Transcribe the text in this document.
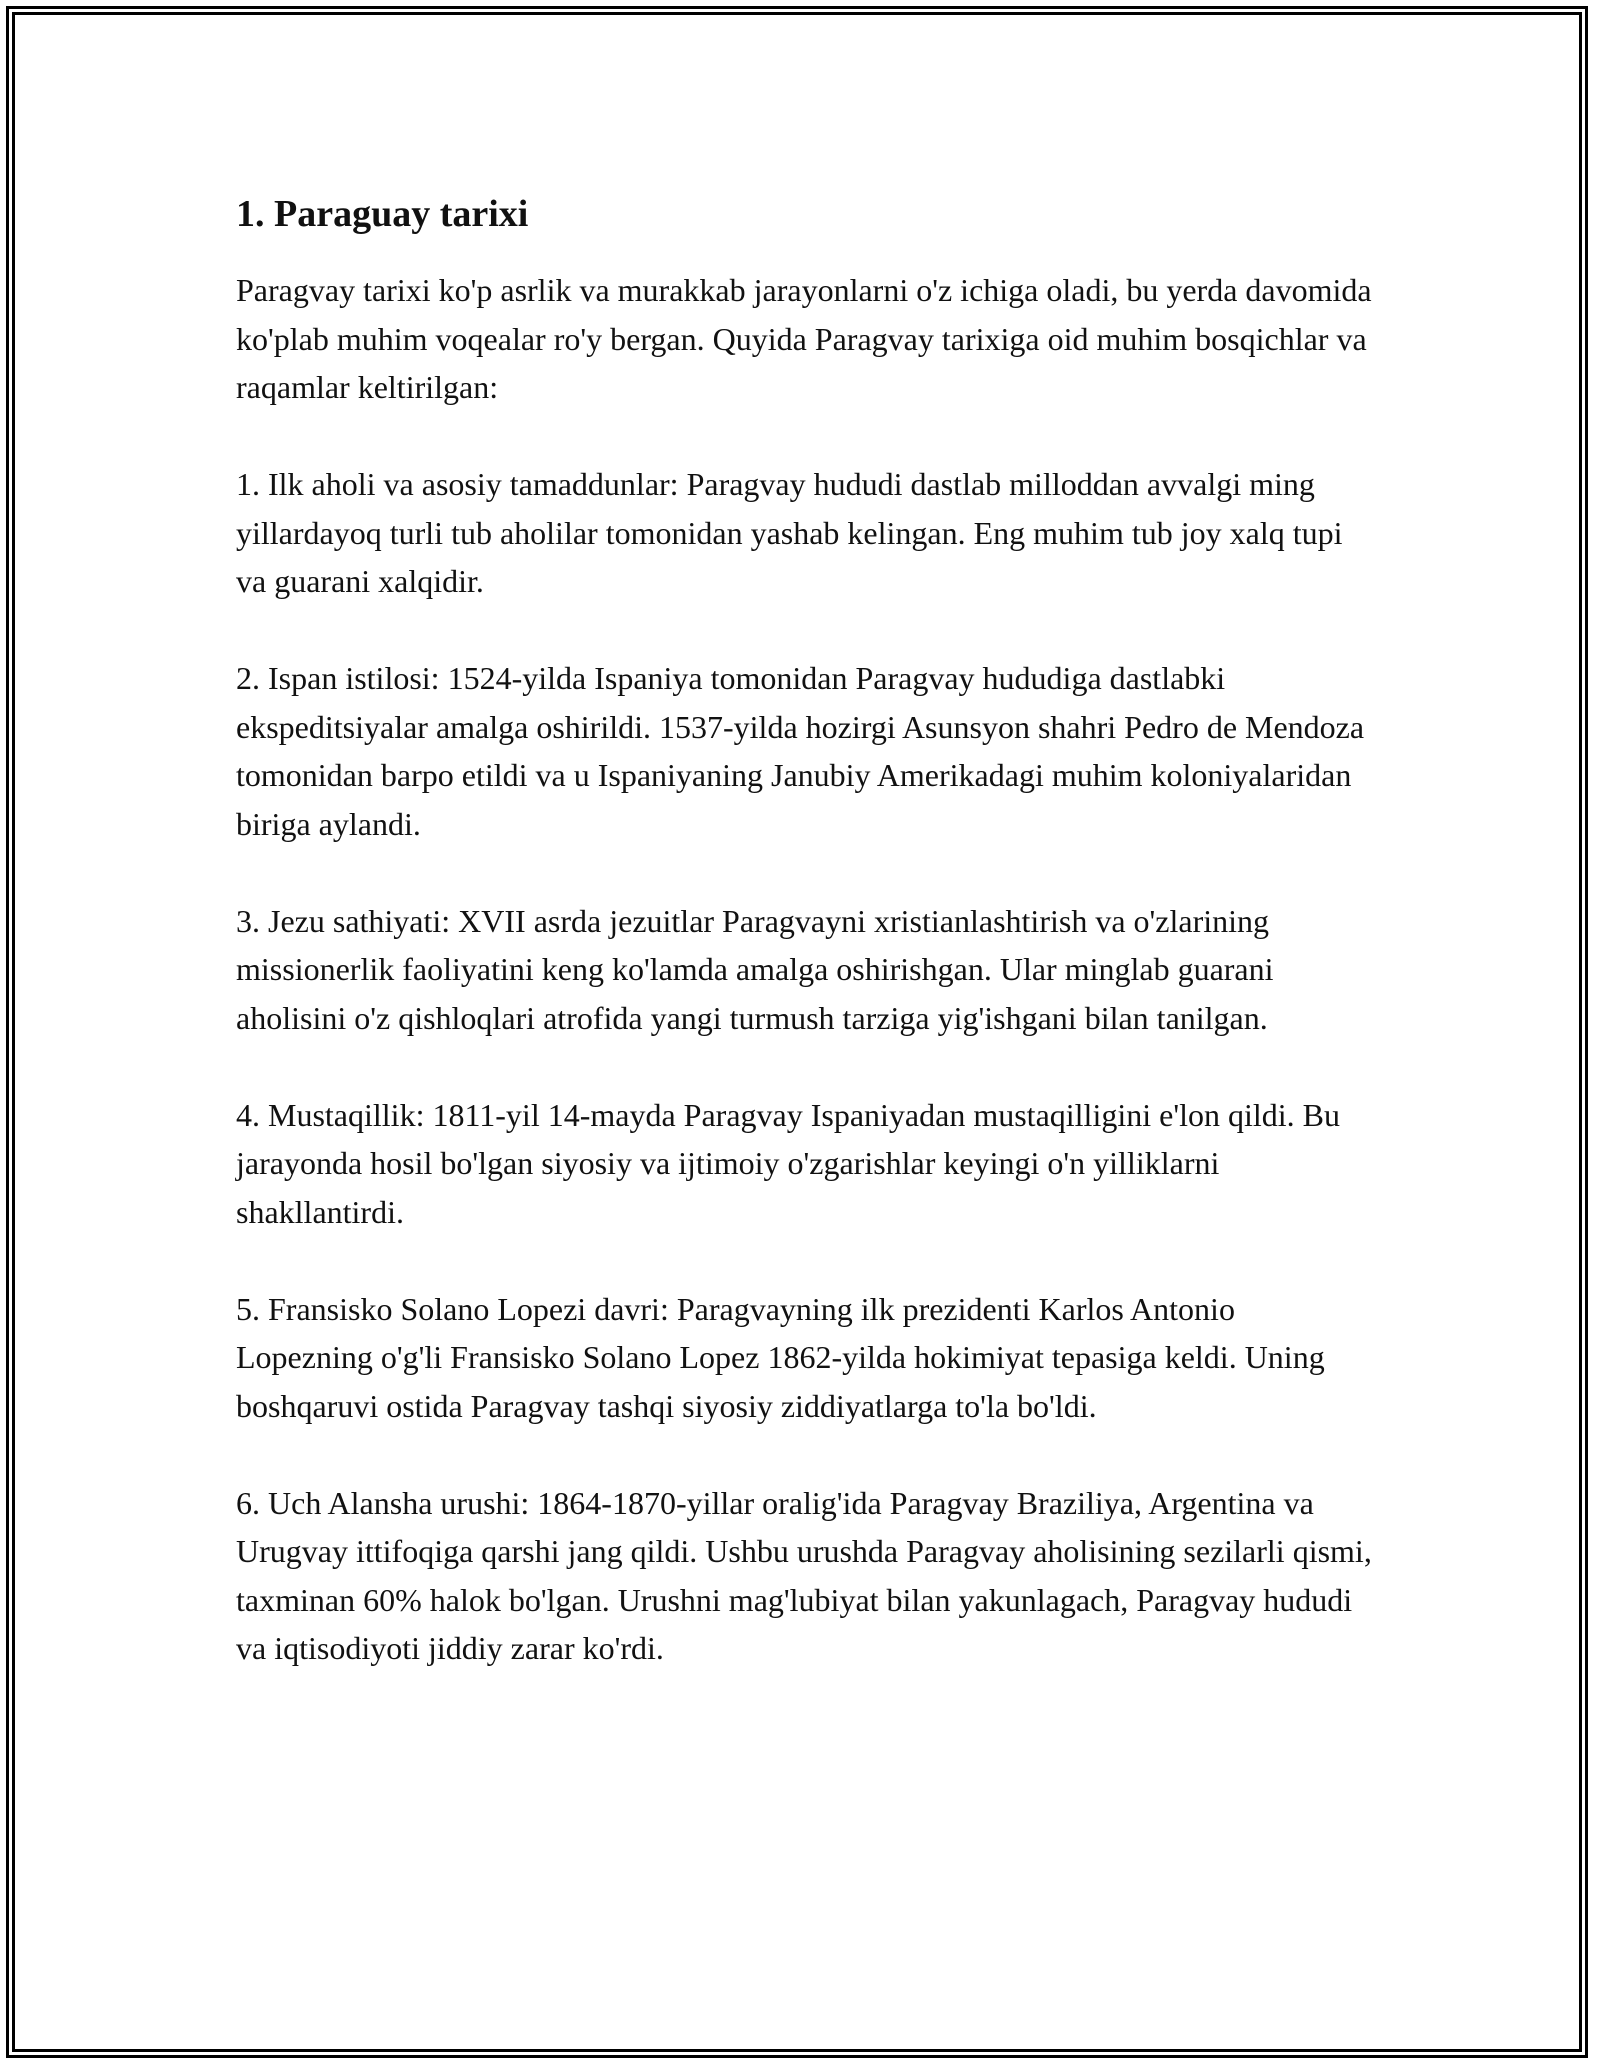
1. Paraguay tarixi

Paragvay tarixi ko'p asrlik va murakkab jarayonlarni o'z ichiga oladi, bu yerda davomida ko'plab muhim voqealar ro'y bergan. Quyida Paragvay tarixiga oid muhim bosqichlar va raqamlar keltirilgan:

1. Ilk aholi va asosiy tamaddunlar: Paragvay hududi dastlab milloddan avvalgi ming yillardayoq turli tub aholilar tomonidan yashab kelingan. Eng muhim tub joy xalq tupi va guarani xalqidir.

2. Ispan istilosi: 1524-yilda Ispaniya tomonidan Paragvay hududiga dastlabki ekspeditsiyalar amalga oshirildi. 1537-yilda hozirgi Asunsyon shahri Pedro de Mendoza tomonidan barpo etildi va u Ispaniyaning Janubiy Amerikadagi muhim koloniyalaridan biriga aylandi.

3. Jezu sathiyati: XVII asrda jezuitlar Paragvayni xristianlashtirish va o'zlarining missionerlik faoliyatini keng ko'lamda amalga oshirishgan. Ular minglab guarani aholisini o'z qishloqlari atrofida yangi turmush tarziga yig'ishgani bilan tanilgan.

4. Mustaqillik: 1811-yil 14-mayda Paragvay Ispaniyadan mustaqilligini e'lon qildi. Bu jarayonda hosil bo'lgan siyosiy va ijtimoiy o'zgarishlar keyingi o'n yilliklarni shakllantirdi.

5. Fransisko Solano Lopezi davri: Paragvayning ilk prezidenti Karlos Antonio Lopezning o'g'li Fransisko Solano Lopez 1862-yilda hokimiyat tepasiga keldi. Uning boshqaruvi ostida Paragvay tashqi siyosiy ziddiyatlarga to'la bo'ldi.

6. Uch Alansha urushi: 1864-1870-yillar oralig'ida Paragvay Braziliya, Argentina va Urugvay ittifoqiga qarshi jang qildi. Ushbu urushda Paragvay aholisining sezilarli qismi, taxminan 60% halok bo'lgan. Urushni mag'lubiyat bilan yakunlagach, Paragvay hududi va iqtisodiyoti jiddiy zarar ko'rdi.
